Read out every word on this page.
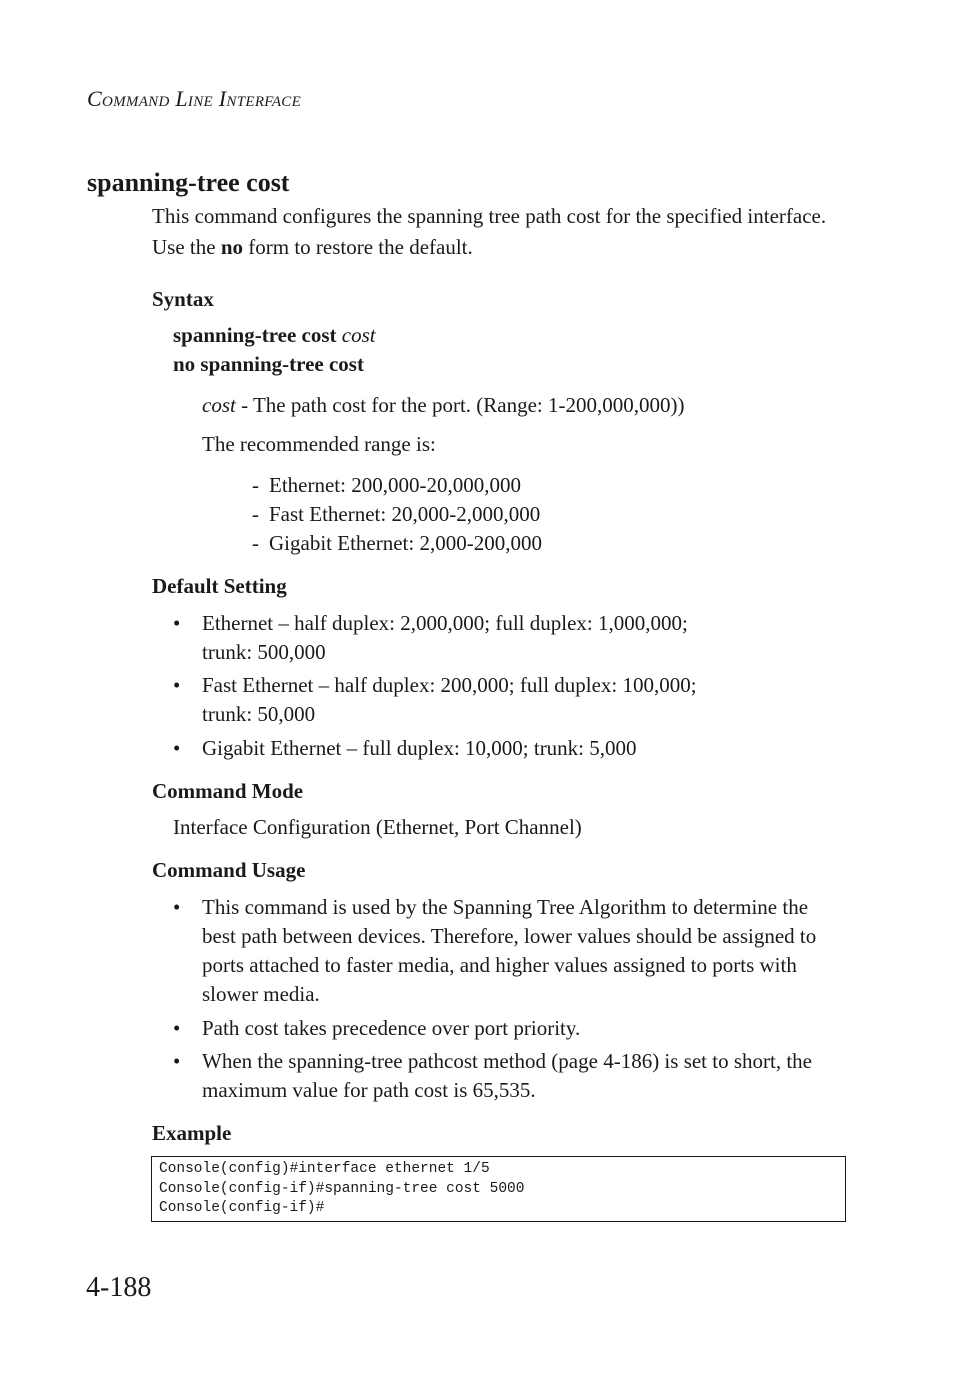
Command Line Interface
spanning-tree cost
This command configures the spanning tree path cost for the specified interface. Use the no form to restore the default.
Syntax
spanning-tree cost cost
no spanning-tree cost
cost - The path cost for the port. (Range: 1-200,000,000))
The recommended range is:
- Ethernet: 200,000-20,000,000
- Fast Ethernet: 20,000-2,000,000
- Gigabit Ethernet: 2,000-200,000
Default Setting
• Ethernet – half duplex: 2,000,000; full duplex: 1,000,000;
trunk: 500,000
• Fast Ethernet – half duplex: 200,000; full duplex: 100,000;
trunk: 50,000
• Gigabit Ethernet – full duplex: 10,000; trunk: 5,000
Command Mode
Interface Configuration (Ethernet, Port Channel)
Command Usage
• This command is used by the Spanning Tree Algorithm to determine the best path between devices. Therefore, lower values should be assigned to ports attached to faster media, and higher values assigned to ports with slower media.
• Path cost takes precedence over port priority.
• When the spanning-tree pathcost method (page 4-186) is set to short, the maximum value for path cost is 65,535.
Example
Console(config)#interface ethernet 1/5
Console(config-if)#spanning-tree cost 5000
Console(config-if)#
4-188
